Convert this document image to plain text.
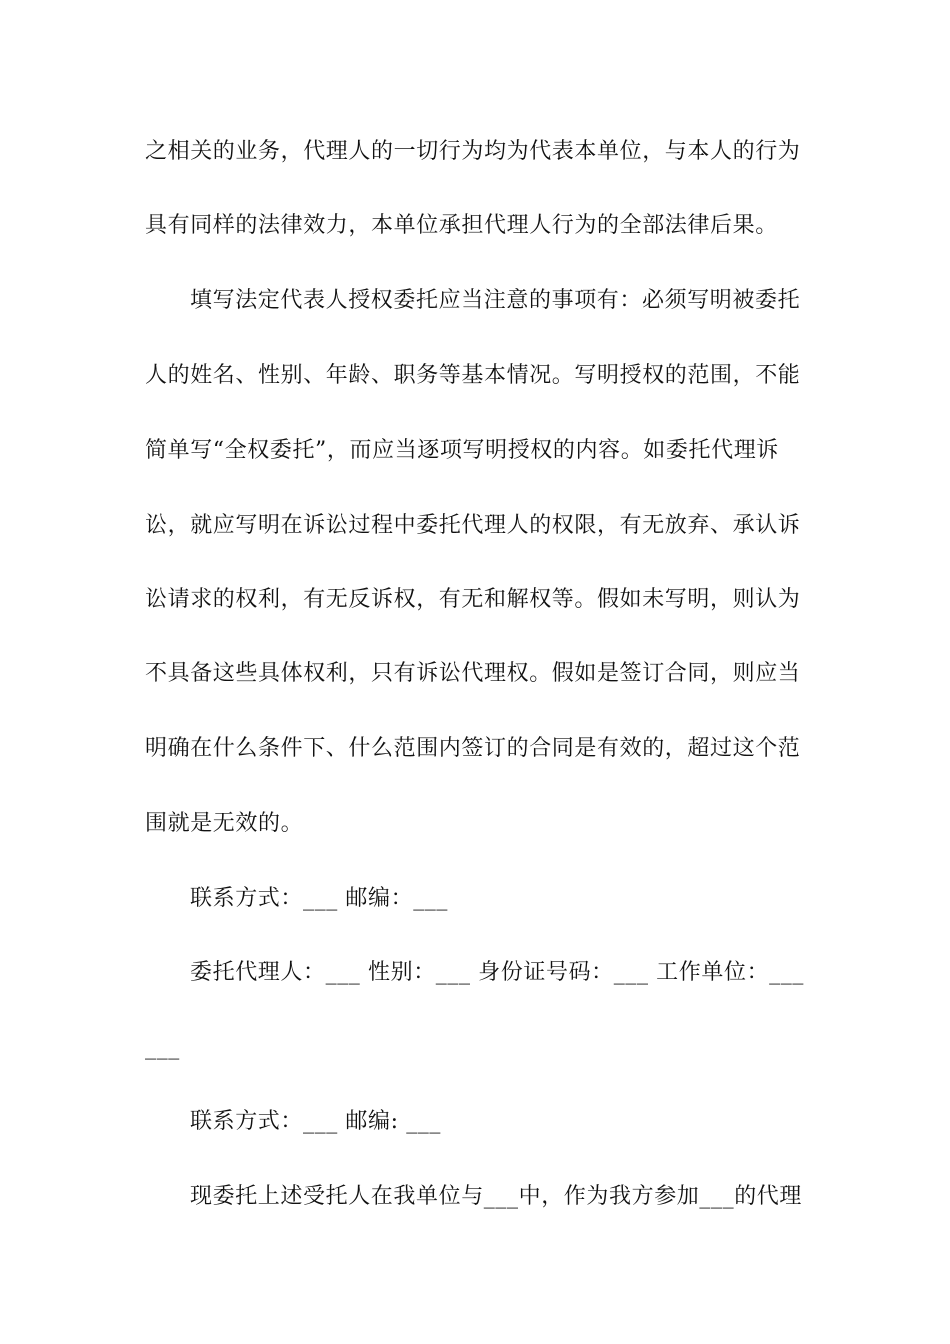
之相关的业务，代理人的一切行为均为代表本单位，与本人的行为
具有同样的法律效力，本单位承担代理人行为的全部法律后果。
填写法定代表人授权委托应当注意的事项有：必须写明被委托
人的姓名、性别、年龄、职务等基本情况。写明授权的范围，不能
简单写“全权委托”，而应当逐项写明授权的内容。如委托代理诉
讼，就应写明在诉讼过程中委托代理人的权限，有无放弃、承认诉
讼请求的权利，有无反诉权，有无和解权等。假如未写明，则认为
不具备这些具体权利，只有诉讼代理权。假如是签订合同，则应当
明确在什么条件下、什么范围内签订的合同是有效的，超过这个范
围就是无效的。
联系方式：___ 邮编：___
委托代理人：___ 性别：___ 身份证号码：___ 工作单位：___
___
联系方式：___ 邮编: ___
现委托上述受托人在我单位与___中，作为我方参加___的代理
